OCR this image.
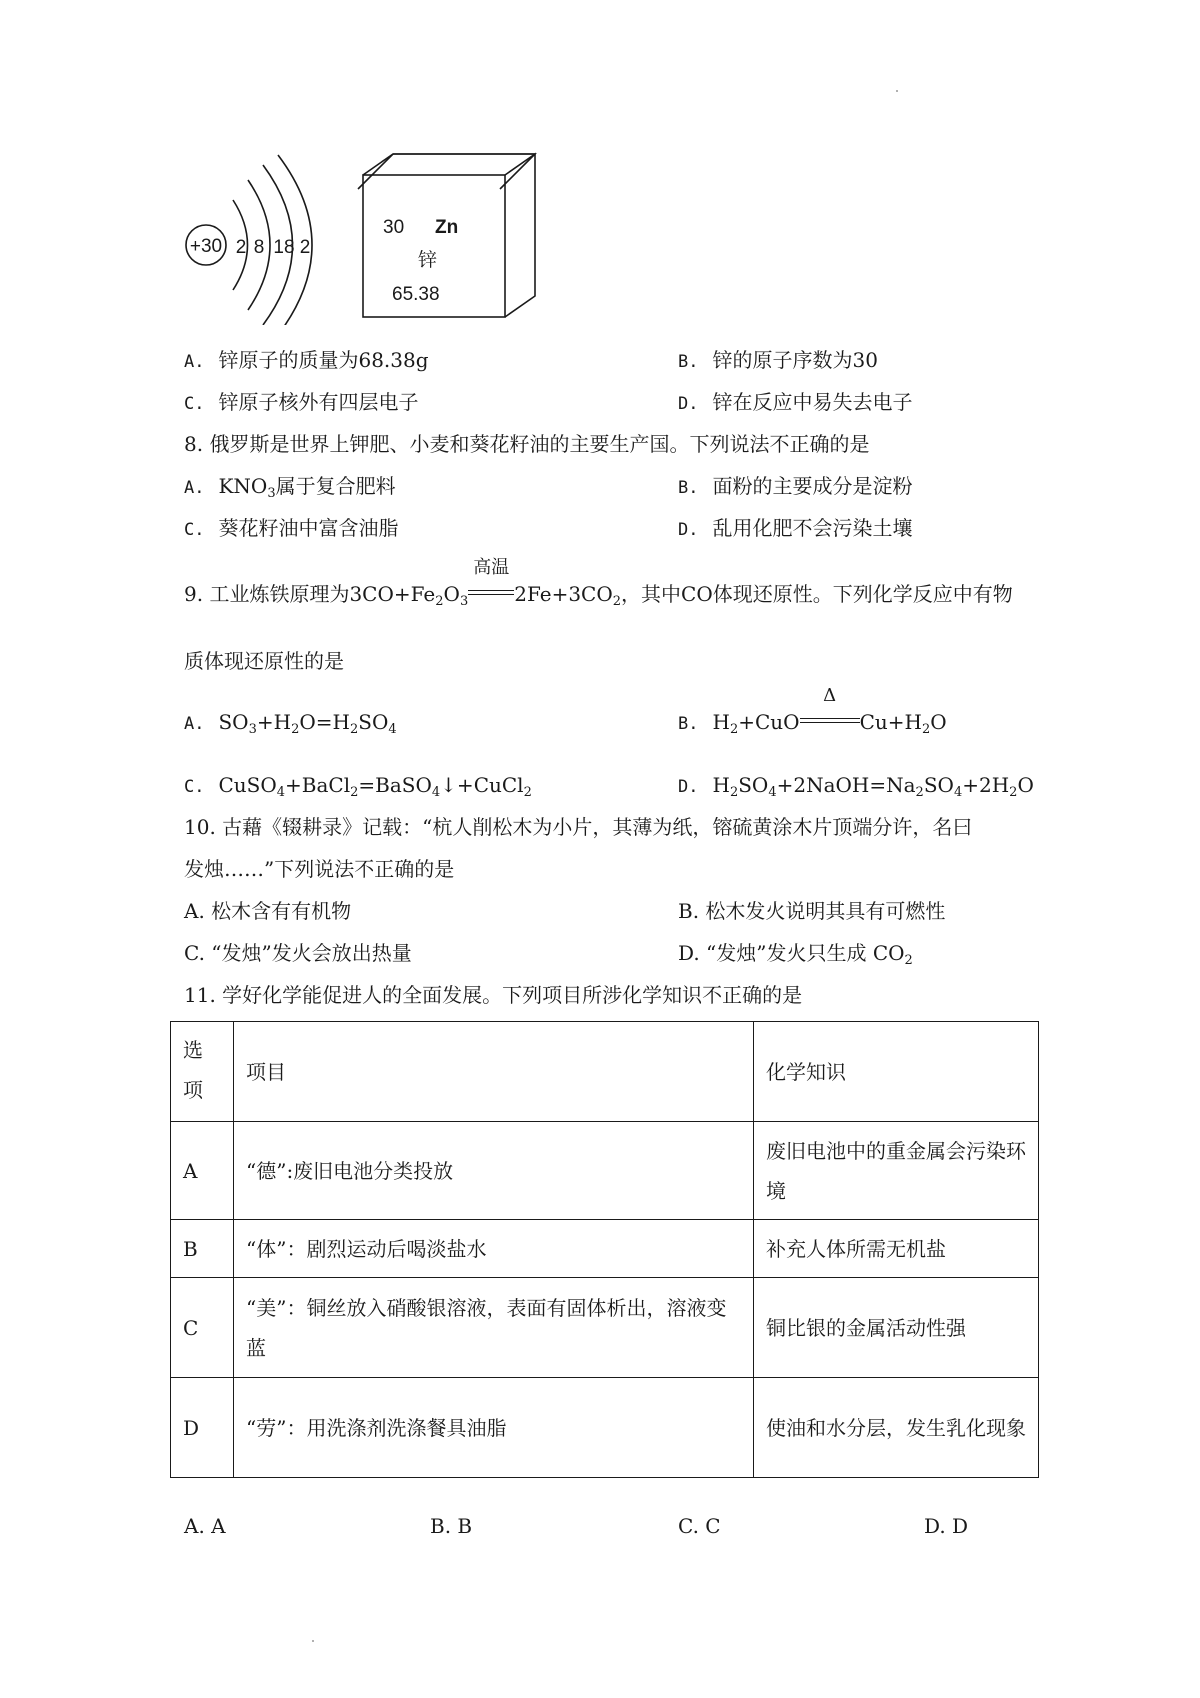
+30 2 8 18 2
30 Zn
锌
65.38
A. 锌原子的质量为68.38g	B. 锌的原子序数为30
C. 锌原子核外有四层电子	D. 锌在反应中易失去电子
8. 俄罗斯是世界上钾肥、小麦和葵花籽油的主要生产国。下列说法不正确的是
A. $KNO_3$属于复合肥料	B. 面粉的主要成分是淀粉
C. 葵花籽油中富含油脂	D. 乱用化肥不会污染土壤
9. 工业炼铁原理为$3CO+Fe_2O_3$
高温
$2Fe+3CO_2$，其中CO体现还原性。下列化学反应中有物
质体现还原性的是
A. $SO_3+H_2O=H_2SO_4$	B. $H_2+CuO$
Δ
$Cu+H_2O$
C. CuSO$_4$+BaCl$_2$=BaSO$_4$↓+CuCl$_2$	D. $H_2SO_4+2NaOH=Na_2SO_4+2H_2O$
10. 古藉《辍耕录》记载：“杭人削松木为小片，其薄为纸，镕硫黄涂木片顶端分许，名曰
发烛……”下列说法不正确的是
A. 松木含有有机物	B. 松木发火说明其具有可燃性
C. “发烛”发火会放出热量	D. “发烛”发火只生成 $CO_2$
11. 学好化学能促进人的全面发展。下列项目所涉化学知识不正确的是
选项	项目	化学知识
A	“德”:废旧电池分类投放	废旧电池中的重金属会污染环境
B	“体”：剧烈运动后喝淡盐水	补充人体所需无机盐
C	“美”：铜丝放入硝酸银溶液，表面有固体析出，溶液变蓝	铜比银的金属活动性强
D	“劳”：用洗涤剂洗涤餐具油脂	使油和水分层，发生乳化现象
A. A	B. B	C. C	D. D
